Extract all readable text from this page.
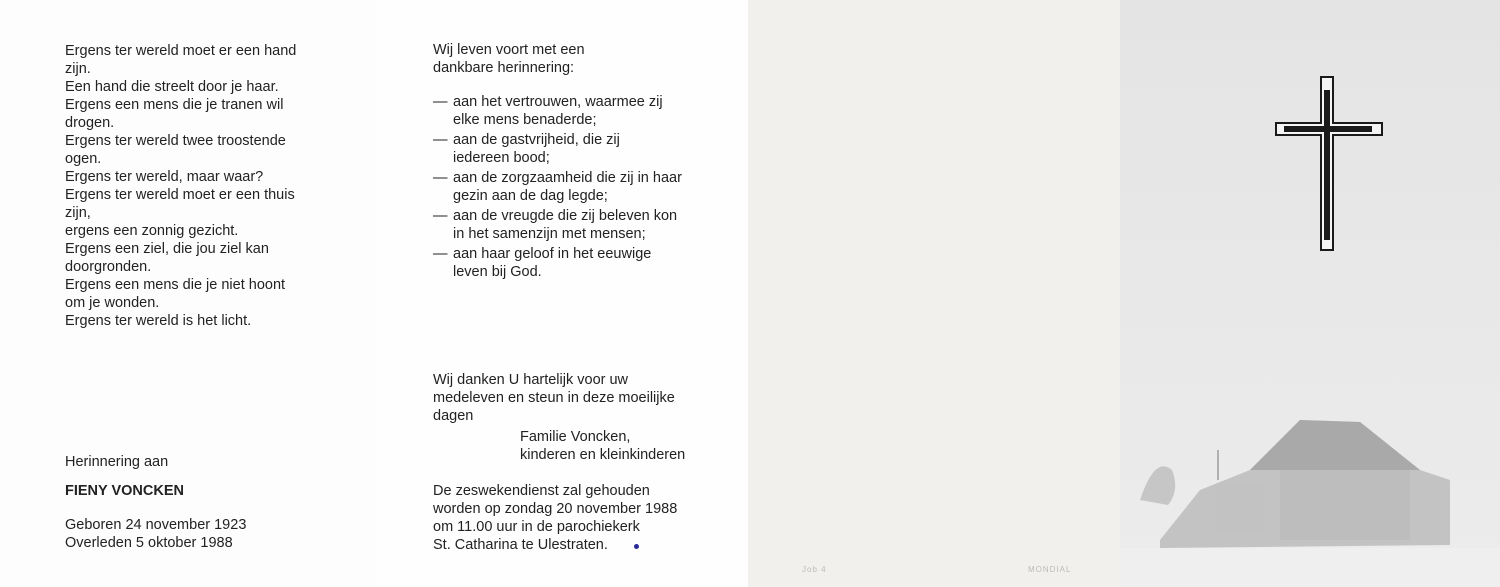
Ergens ter wereld moet er een hand
zijn.
Een hand die streelt door je haar.
Ergens een mens die je tranen wil
drogen.
Ergens ter wereld twee troostende
ogen.
Ergens ter wereld, maar waar?
Ergens ter wereld moet er een thuis
zijn,
ergens een zonnig gezicht.
Ergens een ziel, die jou ziel kan
doorgronden.
Ergens een mens die je niet hoont
om je wonden.
Ergens ter wereld is het licht.
Herinnering aan
FIENY VONCKEN
Geboren 24 november 1923
Overleden 5 oktober 1988
Wij leven voort met een
dankbare herinnering:
— aan het vertrouwen, waarmee zij
elke mens benaderde;
— aan de gastvrijheid, die zij
iedereen bood;
— aan de zorgzaamheid die zij in haar
gezin aan de dag legde;
— aan de vreugde die zij beleven kon
in het samenzijn met mensen;
— aan haar geloof in het eeuwige
leven bij God.
Wij danken U hartelijk voor uw
medeleven en steun in deze moeilijke
dagen
Familie Voncken,
kinderen en kleinkinderen
De zeswekendienst zal gehouden
worden op zondag 20 november 1988
om 11.00 uur in de parochiekerk
St. Catharina te Ulestraten.
Job 4	MONDIAL
